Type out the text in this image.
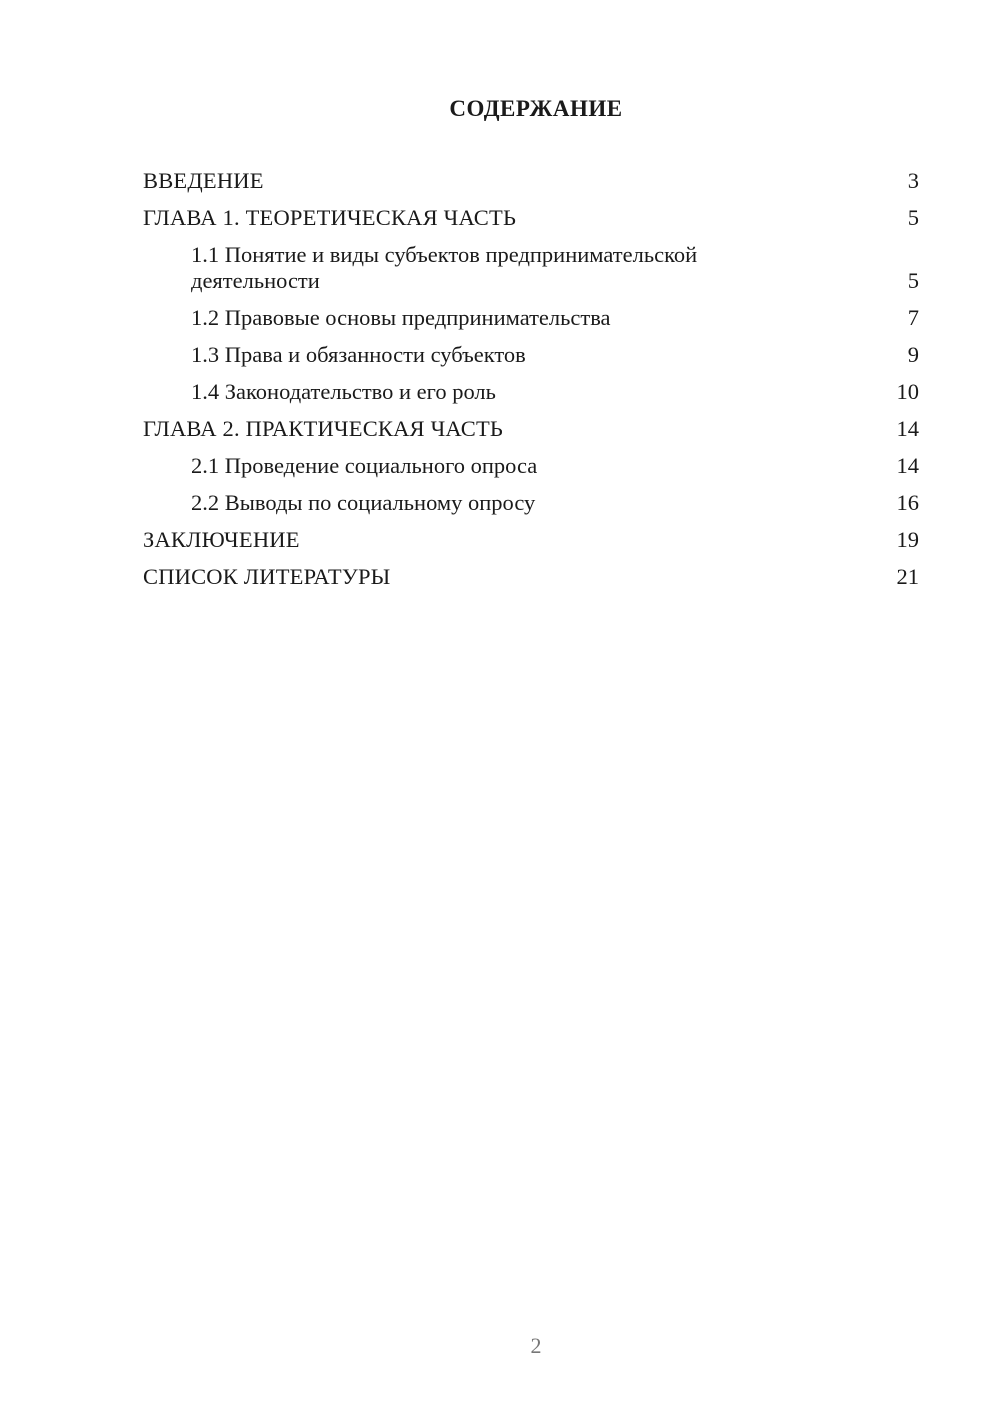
СОДЕРЖАНИЕ
ВВЕДЕНИЕ	3
ГЛАВА 1. ТЕОРЕТИЧЕСКАЯ ЧАСТЬ	5
1.1 Понятие и виды субъектов предпринимательской
деятельности	5
1.2 Правовые основы предпринимательства	7
1.3 Права и обязанности субъектов	9
1.4 Законодательство и его роль	10
ГЛАВА 2. ПРАКТИЧЕСКАЯ ЧАСТЬ	14
2.1 Проведение социального опроса	14
2.2 Выводы по социальному опросу	16
ЗАКЛЮЧЕНИЕ	19
СПИСОК ЛИТЕРАТУРЫ	21
2
